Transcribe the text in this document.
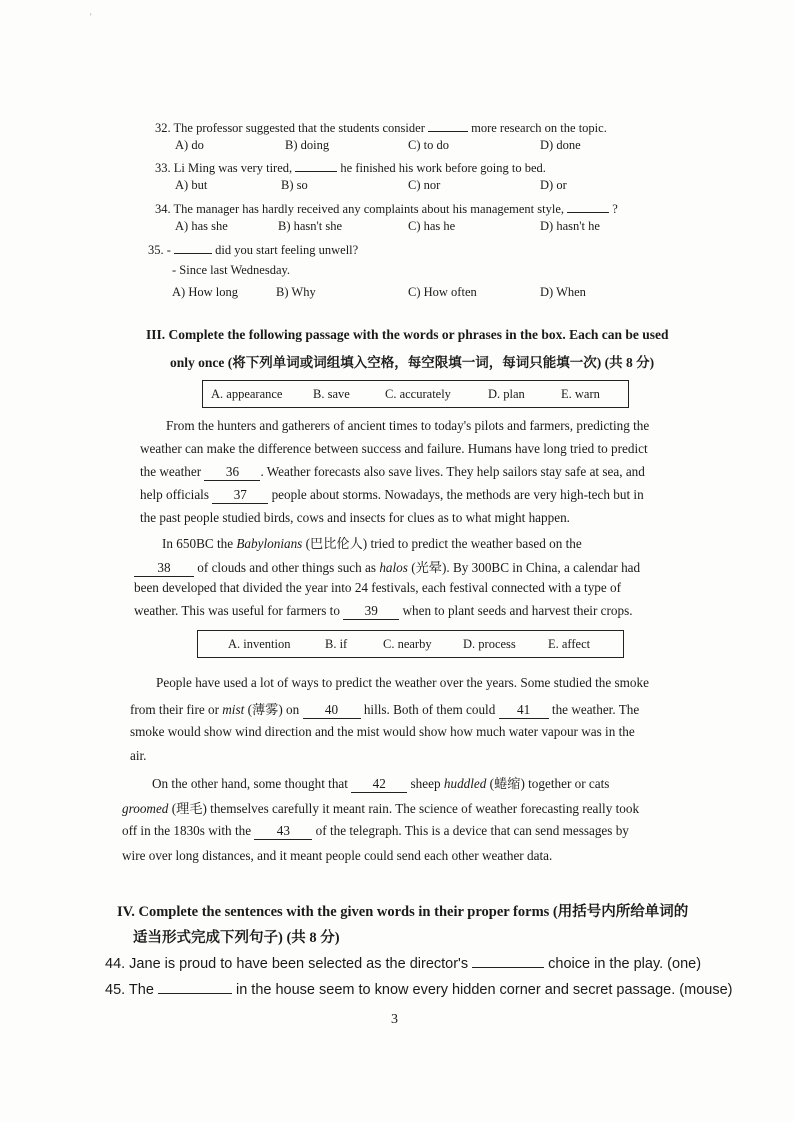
'
32. The professor suggested that the students consider	more research on the topic.
A) do	B) doing	C) to do	D) done
33. Li Ming was very tired,	he finished his work before going to bed.
A) but	B) so	C) nor	D) or
34. The manager has hardly received any complaints about his management style,	?
A) has she	B) hasn't she	C) has he	D) hasn't he
35. -	did you start feeling unwell?
- Since last Wednesday.
A) How long	B) Why	C) How often	D) When
III. Complete the following passage with the words or phrases in the box. Each can be used
only once (将下列单词或词组填入空格，每空限填一词，每词只能填一次) (共 8 分)
A. appearance B. save	C. accurately	D. plan	E. warn
From the hunters and gatherers of ancient times to today's pilots and farmers, predicting the
weather can make the difference between success and failure. Humans have long tried to predict
the weather 36 . Weather forecasts also save lives. They help sailors stay safe at sea, and
help officials 37 people about storms. Nowadays, the methods are very high-tech but in
the past people studied birds, cows and insects for clues as to what might happen.
In 650BC the Babylonians (巴比伦人) tried to predict the weather based on the
38 of clouds and other things such as halos (光晕). By 300BC in China, a calendar had
been developed that divided the year into 24 festivals, each festival connected with a type of
weather. This was useful for farmers to 39 when to plant seeds and harvest their crops.
A. invention	B. if	C. nearby	D. process	E. affect
People have used a lot of ways to predict the weather over the years. Some studied the smoke
from their fire or mist (薄雾) on 40 hills. Both of them could 41 the weather. The
smoke would show wind direction and the mist would show how much water vapour was in the
air.
On the other hand, some thought that 42 sheep huddled (蜷缩) together or cats
groomed (理毛) themselves carefully it meant rain. The science of weather forecasting really took
off in the 1830s with the 43 of the telegraph. This is a device that can send messages by
wire over long distances, and it meant people could send each other weather data.
IV. Complete the sentences with the given words in their proper forms (用括号内所给单词的
适当形式完成下列句子) (共 8 分)
44. Jane is proud to have been selected as the director's	choice in the play. (one)
45. The	in the house seem to know every hidden corner and secret passage. (mouse)
3
